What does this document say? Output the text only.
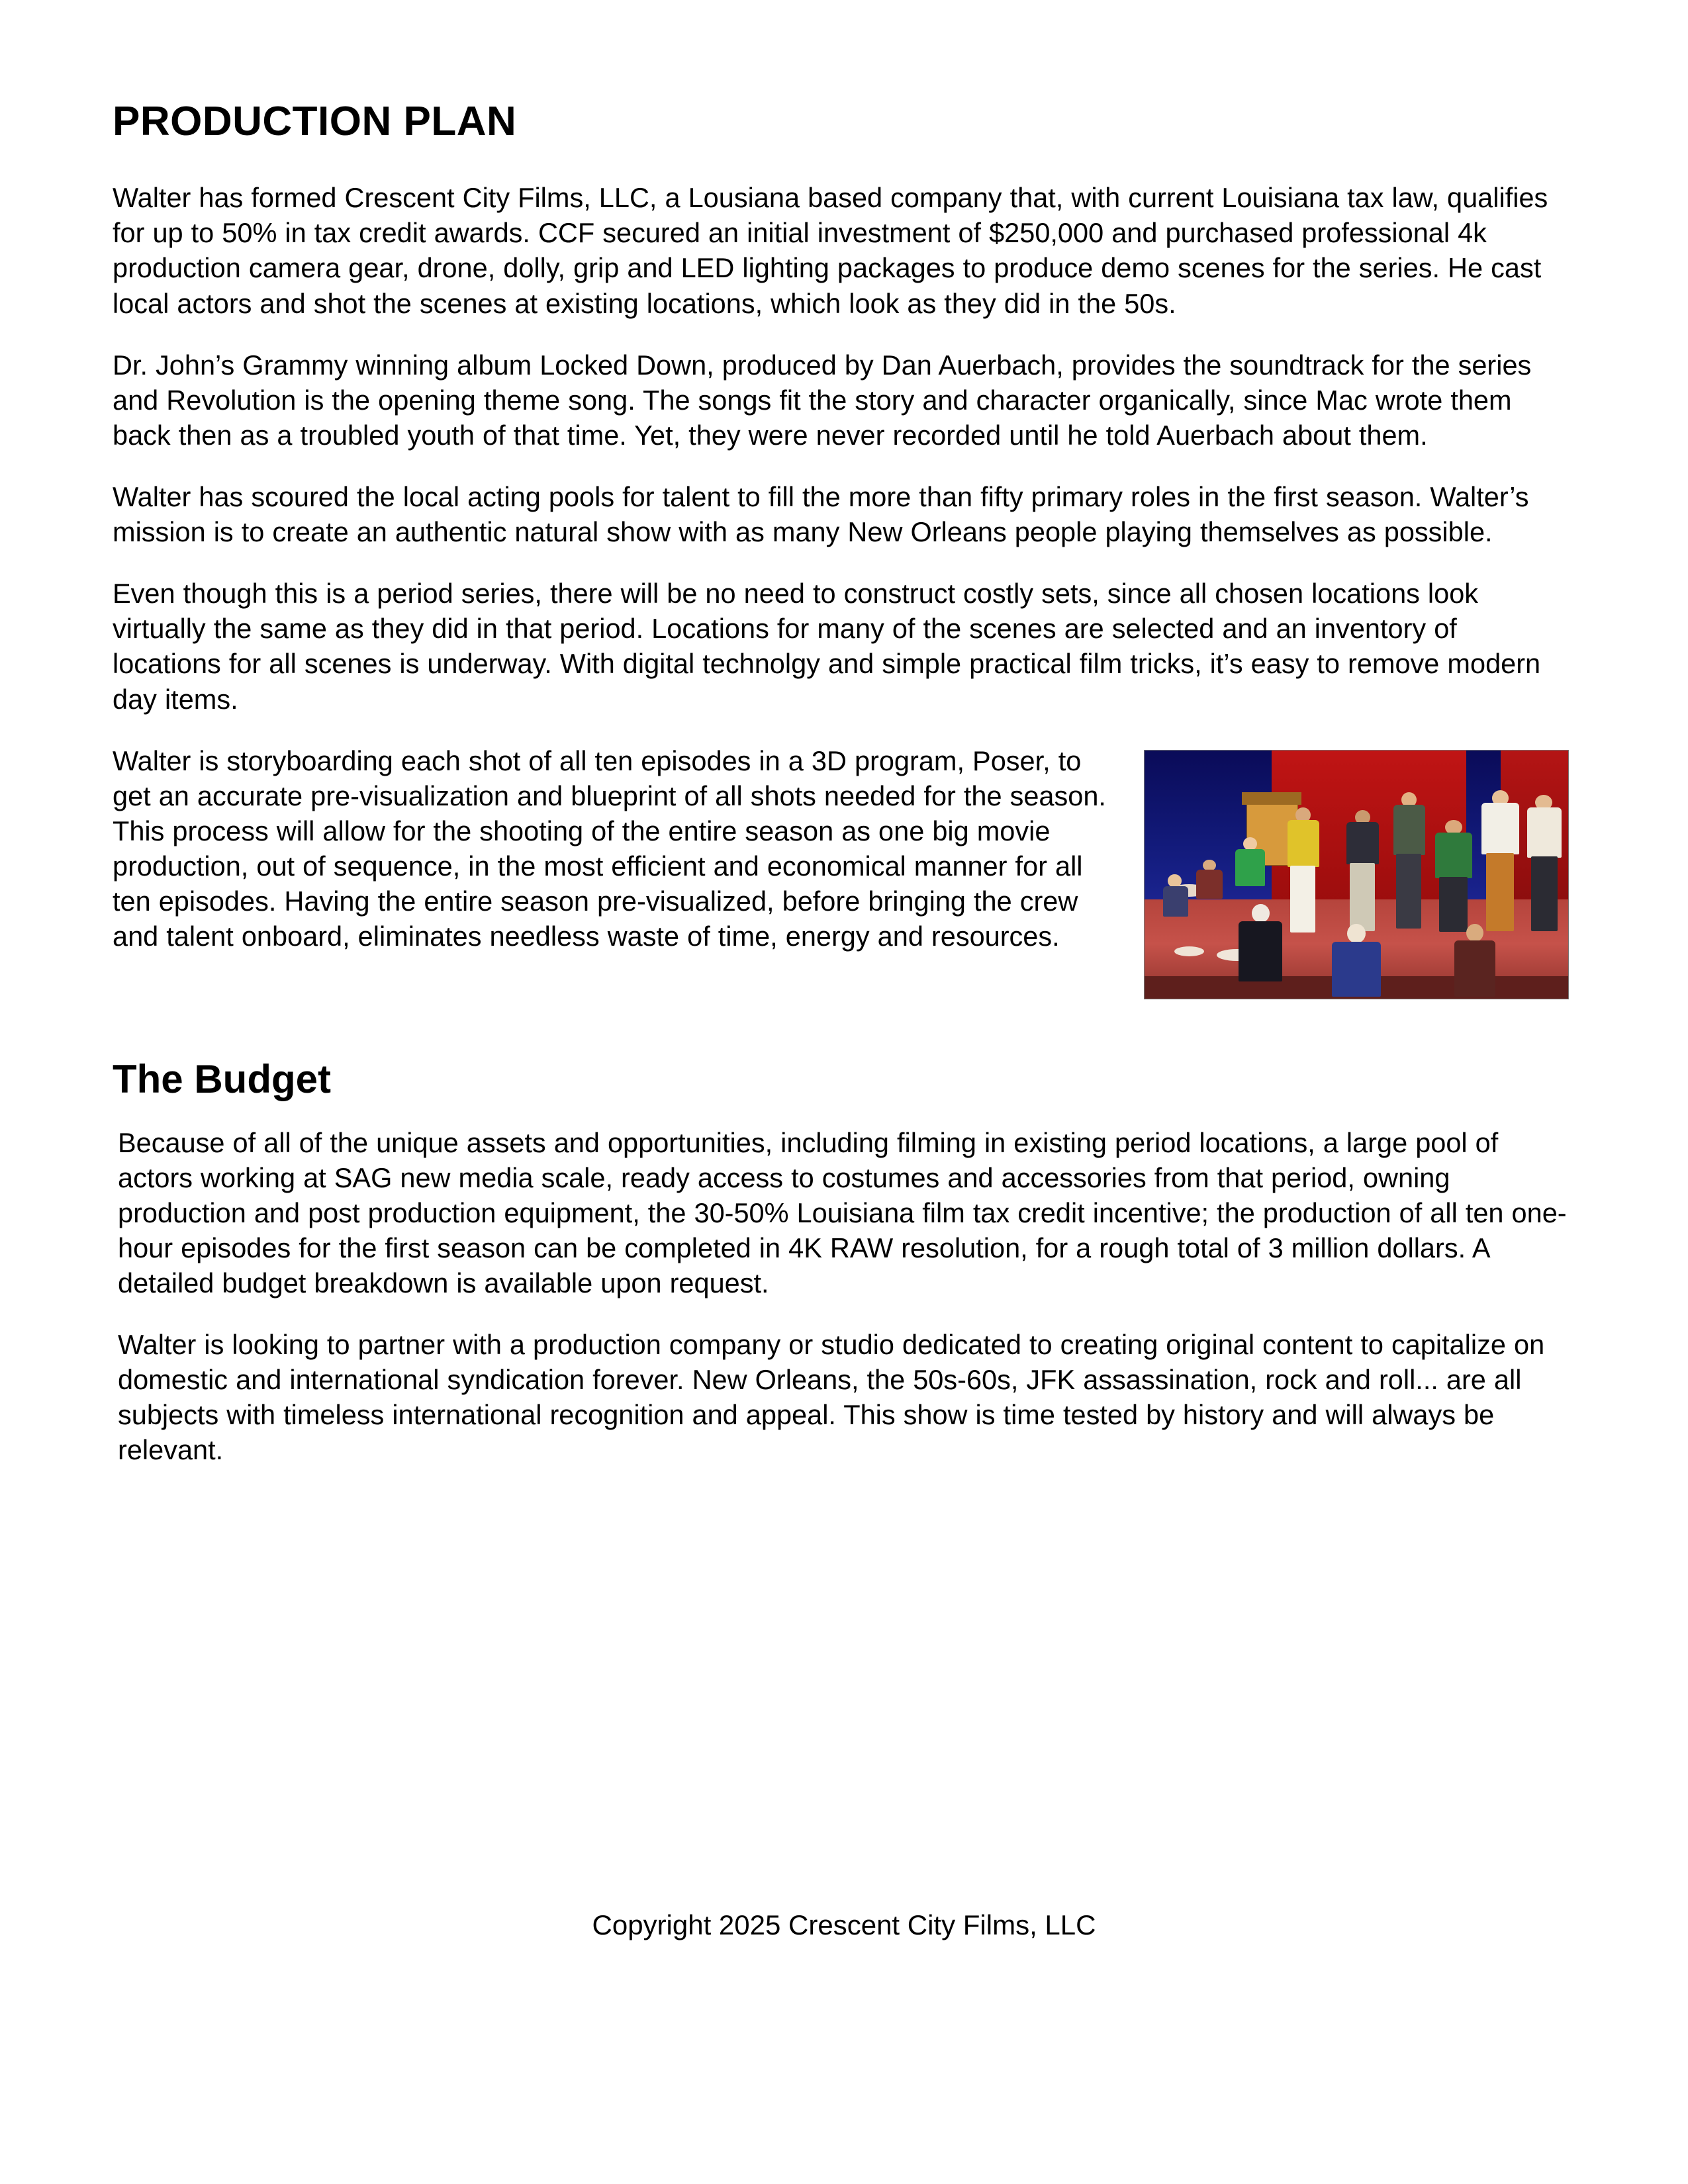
PRODUCTION PLAN

Walter has formed Crescent City Films, LLC, a Lousiana based company that, with current Louisiana tax law, qualifies for up to 50% in tax credit awards. CCF secured an initial investment of $250,000 and purchased professional 4k production camera gear, drone, dolly, grip and LED lighting packages to produce demo scenes for the series. He cast local actors and shot the scenes at existing locations, which look as they did in the 50s.

Dr. John’s Grammy winning album Locked Down, produced by Dan Auerbach, provides the soundtrack for the series and Revolution is the opening theme song. The songs fit the story and character organically, since Mac wrote them back then as a troubled youth of that time. Yet, they were never recorded until he told Auerbach about them.

Walter has scoured the local acting pools for talent to fill the more than fifty primary roles in the first season. Walter’s mission is to create an authentic natural show with as many New Orleans people playing themselves as possible.

Even though this is a period series, there will be no need to construct costly sets, since all chosen locations look virtually the same as they did in that period. Locations for many of the scenes are selected and an inventory of locations for all scenes is underway. With digital technolgy and simple practical film tricks, it’s easy to remove modern day items.

Walter is storyboarding each shot of all ten episodes in a 3D program, Poser, to get an accurate pre-visualization and blueprint of all shots needed for the season. This process will allow for the shooting of the entire season as one big movie production, out of sequence, in the most efficient and economical manner for all ten episodes. Having the entire season pre-visualized, before bringing the crew and talent onboard, eliminates needless waste of time, energy and resources.

The Budget

Because of all of the unique assets and opportunities, including filming in existing period locations, a large pool of actors working at SAG new media scale, ready access to costumes and accessories from that period, owning production and post production equipment, the 30-50% Louisiana film tax credit incentive; the production of all ten one-hour episodes for the first season can be completed in 4K RAW resolution, for a rough total of 3 million dollars. A detailed budget breakdown is available upon request.

Walter is looking to partner with a production company or studio dedicated to creating original content to capitalize on domestic and international syndication forever. New Orleans, the 50s-60s, JFK assassination, rock and roll... are all subjects with timeless international recognition and appeal. This show is time tested by history and will always be relevant.

Copyright 2025 Crescent City Films, LLC
